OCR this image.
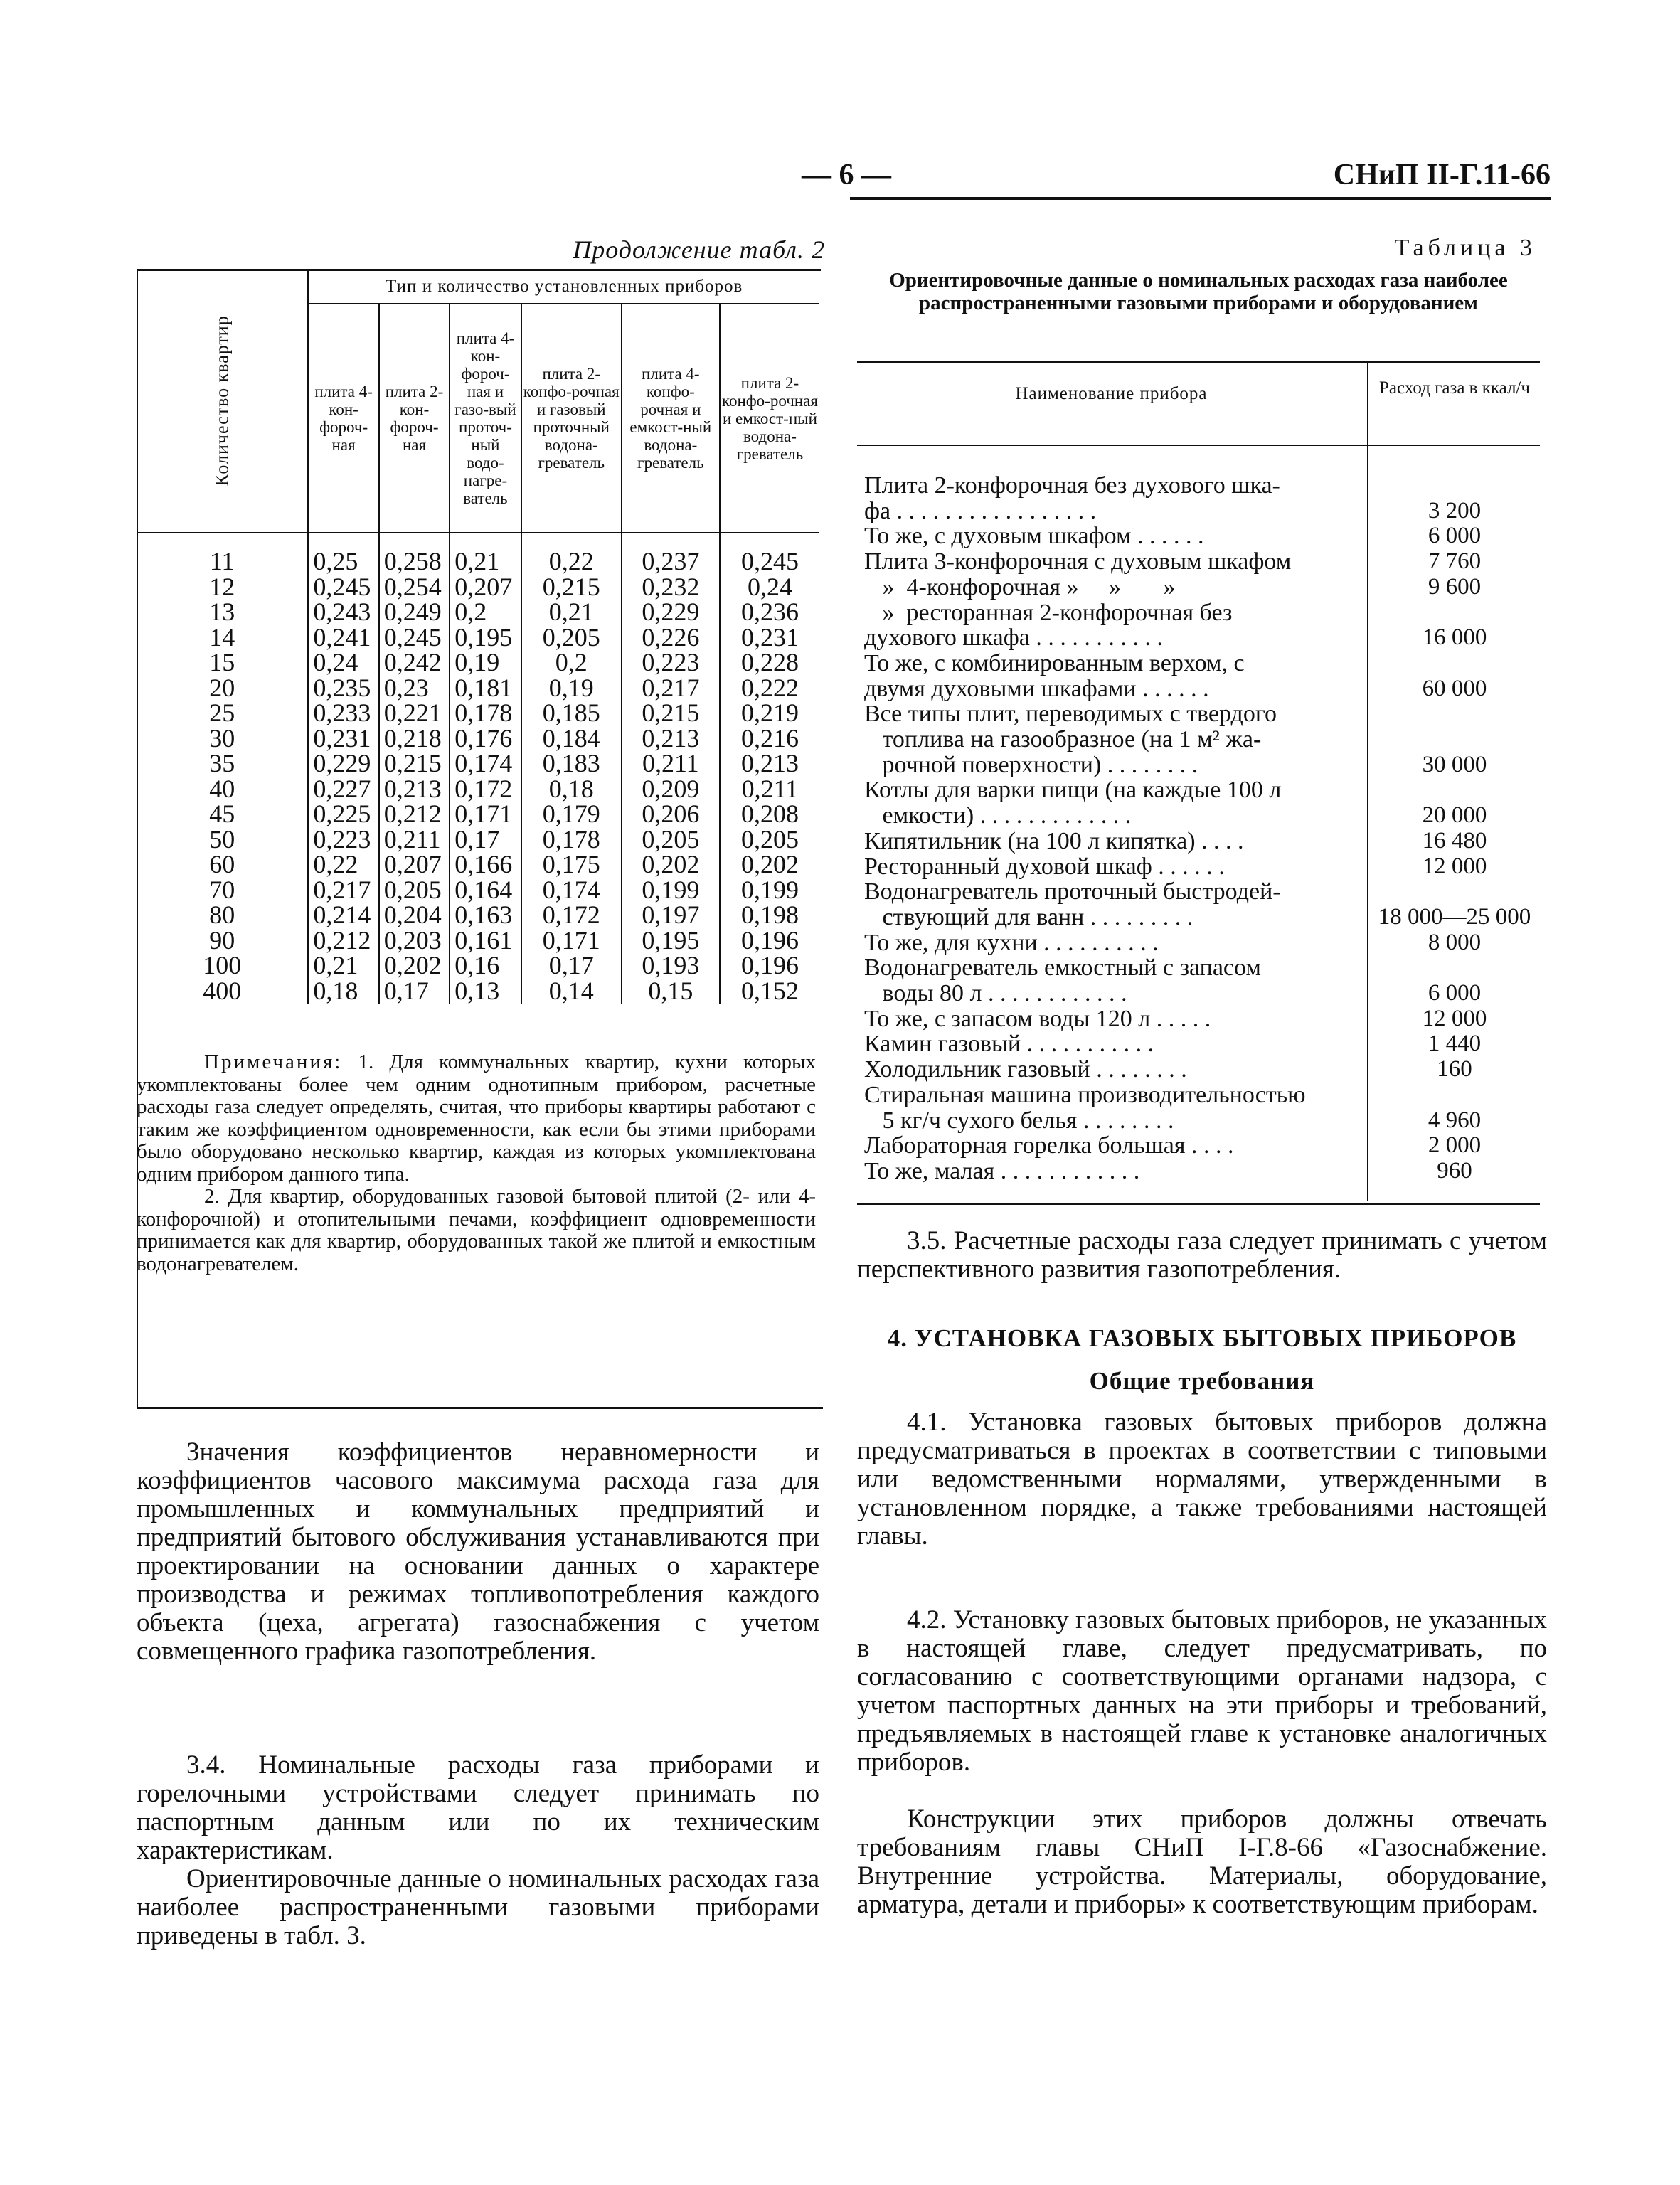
— 6 —	СНиП II-Г.11-66
Продолжение табл. 2
Количество квартир	Тип и количество установленных приборов					
	плита 4-кон-фороч-ная	плита 2-кон-фороч-ная	плита 4-кон-фороч-ная и газо-вый проточ-ный водо-нагре-ватель	плита 2-конфо-рочная и газовый проточный водона-греватель	плита 4-конфо-рочная и емкост-ный водона-греватель	плита 2-конфо-рочная и емкост-ный водона-греватель
11	0,25	0,258	0,21	0,22	0,237	0,245
12	0,245	0,254	0,207	0,215	0,232	0,24
13	0,243	0,249	0,2	0,21	0,229	0,236
14	0,241	0,245	0,195	0,205	0,226	0,231
15	0,24	0,242	0,19	0,2	0,223	0,228
20	0,235	0,23	0,181	0,19	0,217	0,222
25	0,233	0,221	0,178	0,185	0,215	0,219
30	0,231	0,218	0,176	0,184	0,213	0,216
35	0,229	0,215	0,174	0,183	0,211	0,213
40	0,227	0,213	0,172	0,18	0,209	0,211
45	0,225	0,212	0,171	0,179	0,206	0,208
50	0,223	0,211	0,17	0,178	0,205	0,205
60	0,22	0,207	0,166	0,175	0,202	0,202
70	0,217	0,205	0,164	0,174	0,199	0,199
80	0,214	0,204	0,163	0,172	0,197	0,198
90	0,212	0,203	0,161	0,171	0,195	0,196
100	0,21	0,202	0,16	0,17	0,193	0,196
400	0,18	0,17	0,13	0,14	0,15	0,152

Примечания: 1. Для коммунальных квартир, кухни которых укомплектованы более чем одним однотипным прибором, расчетные расходы газа следует определять, считая, что приборы квартиры работают с таким же коэффициентом одновременности, как если бы этими приборами было оборудовано несколько квартир, каждая из которых укомплектована одним прибором данного типа.

2. Для квартир, оборудованных газовой бытовой плитой (2- или 4-конфорочной) и отопительными печами, коэффициент одновременности принимается как для квартир, оборудованных такой же плитой и емкостным водонагревателем.

Значения коэффициентов неравномерности и коэффициентов часового максимума расхода газа для промышленных и коммунальных предприятий и предприятий бытового обслуживания устанавливаются при проектировании на основании данных о характере производства и режимах топливопотребления каждого объекта (цеха, агрегата) газоснабжения с учетом совмещенного графика газопотребления.

3.4. Номинальные расходы газа приборами и горелочными устройствами следует принимать по паспортным данным или по их техническим характеристикам.

Ориентировочные данные о номинальных расходах газа наиболее распространенными газовыми приборами приведены в табл. 3.

Таблица 3
Ориентировочные данные о номинальных расходах газа наиболее распространенными газовыми приборами и оборудованием
Наименование прибора	Расход газа в ккал/ч
Плита 2-конфорочная без духового шка-
фа . . . . . . . . . . . . . . . . .	3 200
То же, с духовым шкафом . . . . . .	6 000
Плита 3-конфорочная с духовым шкафом	7 760
»  4-конфорочная »     »       »	9 600
»  ресторанная 2-конфорочная без
духового шкафа . . . . . . . . . . .	16 000
То же, с комбинированным верхом, с
двумя духовыми шкафами . . . . . .	60 000
Все типы плит, переводимых с твердого
топлива на газообразное (на 1 м² жа-
рочной поверхности) . . . . . . . .	30 000
Котлы для варки пищи (на каждые 100 л
емкости) . . . . . . . . . . . . .	20 000
Кипятильник (на 100 л кипятка) . . . .	16 480
Ресторанный духовой шкаф . . . . . .	12 000
Водонагреватель проточный быстродей-
ствующий для ванн . . . . . . . . .	18 000—25 000
То же, для кухни . . . . . . . . . .	8 000
Водонагреватель емкостный с запасом
воды 80 л . . . . . . . . . . . .	6 000
То же, с запасом воды 120 л . . . . .	12 000
Камин газовый . . . . . . . . . . .	1 440
Холодильник газовый . . . . . . . .	160
Стиральная машина производительностью
5 кг/ч сухого белья . . . . . . . .	4 960
Лабораторная горелка большая . . . .	2 000
То же, малая . . . . . . . . . . . .	960

3.5. Расчетные расходы газа следует принимать с учетом перспективного развития газопотребления.

4. УСТАНОВКА ГАЗОВЫХ БЫТОВЫХ ПРИБОРОВ
Общие требования

4.1. Установка газовых бытовых приборов должна предусматриваться в проектах в соответствии с типовыми или ведомственными нормалями, утвержденными в установленном порядке, а также требованиями настоящей главы.

4.2. Установку газовых бытовых приборов, не указанных в настоящей главе, следует предусматривать, по согласованию с соответствующими органами надзора, с учетом паспортных данных на эти приборы и требований, предъявляемых в настоящей главе к установке аналогичных приборов.

Конструкции этих приборов должны отвечать требованиям главы СНиП I-Г.8-66 «Газоснабжение. Внутренние устройства. Материалы, оборудование, арматура, детали и приборы» к соответствующим приборам.
